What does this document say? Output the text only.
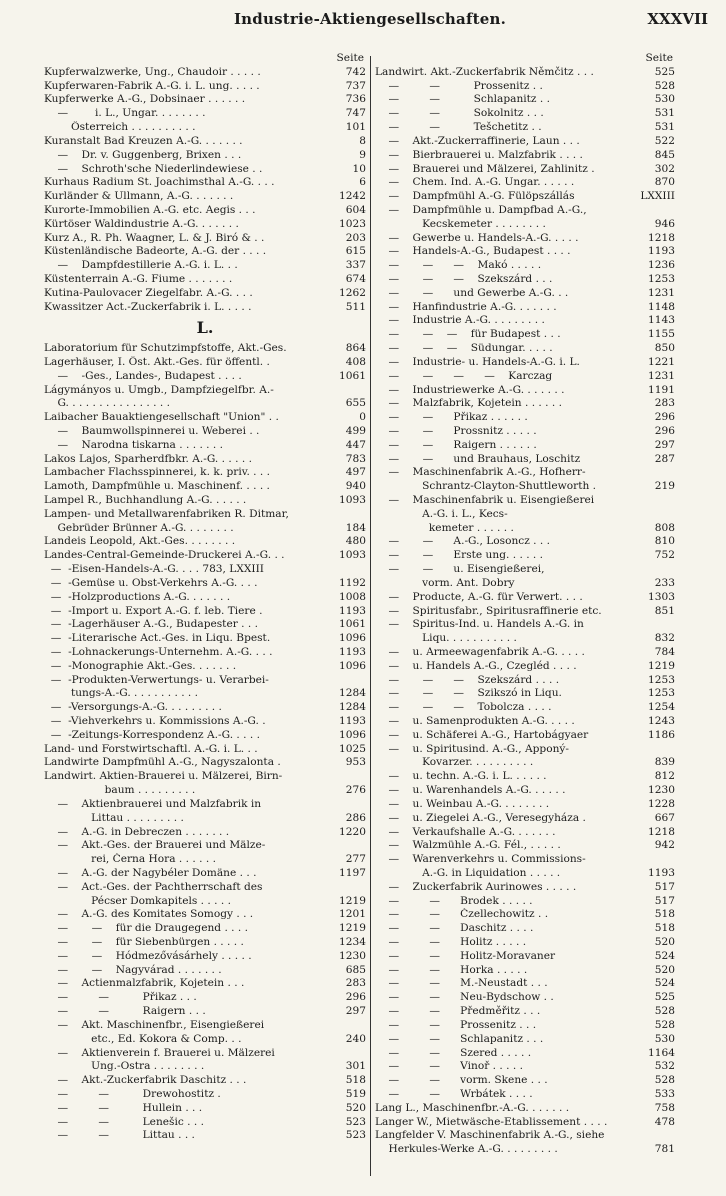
Industrie-Aktiengesellschaften.	XXXVII
Seite
Kupferwalzwerke, Ung., Chaudoir . . . . .	742
Kupferwaren-Fabrik A.-G. i. L. ung. . . . .	737
Kupferwerke A.-G., Dobsinaer . . . . . .	736
—        i. L., Ungar. . . . . . . .	747
Österreich . . . . . . . . . .	101
Kuranstalt Bad Kreuzen A.-G. . . . . . .	8
—    Dr. v. Guggenberg, Brixen . . .	9
—    Schroth'sche Niederlindewiese . .	10
Kurhaus Radium St. Joachimsthal A.-G. . . .	6
Kurländer & Ullmann, A.-G. . . . . . .	1242
Kurorte-Immobilien A.-G. etc. Aegis . . .	604
Kürtöser Waldindustrie A.-G. . . . . . .	1023
Kurz A., R. Ph. Waagner, L. & J. Biró & . .	203
Küstenländische Badeorte, A.-G. der . . . .	615
—    Dampfdestillerie A.-G. i. L. . .	337
Küstenterrain A.-G. Fiume . . . . . . .	674
Kutina-Paulovacer Ziegelfabr. A.-G. . . .	1262
Kwassitzer Act.-Zuckerfabrik i. L. . . . .	511
L.
Laboratorium für Schutzimpfstoffe, Akt.-Ges.	864
Lagerhäuser, I. Öst. Akt.-Ges. für öffentl. .	408
—    -Ges., Landes-, Budapest . . . .	1061
Lágymányos u. Umgb., Dampfziegelfbr. A.-
G. . . . . . . . . . . . . . . .	655
Laibacher Bauaktiengesellschaft "Union" . .	0
—    Baumwollspinnerei u. Weberei . .	499
—    Narodna tiskarna . . . . . . .	447
Lakos Lajos, Sparherdfbkr. A.-G. . . . . .	783
Lambacher Flachsspinnerei, k. k. priv. . . .	497
Lamoth, Dampfmühle u. Maschinenf. . . . .	940
Lampel R., Buchhandlung A.-G. . . . . .	1093
Lampen- und Metallwarenfabriken R. Ditmar,
Gebrüder Brünner A.-G. . . . . . . .	184
Landeis Leopold, Akt.-Ges. . . . . . . .	480
Landes-Central-Gemeinde-Druckerei A.-G. . .	1093
—  -Eisen-Handels-A.-G. . . . 783, LXXIII
—  -Gemüse u. Obst-Verkehrs A.-G. . . .	1192
—  -Holzproductions A.-G. . . . . . .	1008
—  -Import u. Export A.-G. f. leb. Tiere .	1193
—  -Lagerhäuser A.-G., Budapester . . .	1061
—  -Literarische Act.-Ges. in Liqu. Bpest.	1096
—  -Lohnackerungs-Unternehm. A.-G. . . .	1193
—  -Monographie Akt.-Ges. . . . . . .	1096
—  -Produkten-Verwertungs- u. Verarbei-
tungs-A.-G. . . . . . . . . . .	1284
—  -Versorgungs-A.-G. . . . . . . . .	1284
—  -Viehverkehrs u. Kommissions A.-G. .	1193
—  -Zeitungs-Korrespondenz A.-G. . . . .	1096
Land- und Forstwirtschaftl. A.-G. i. L. . .	1025
Landwirte Dampfmühl A.-G., Nagyszalonta .	953
Landwirt. Aktien-Brauerei u. Mälzerei, Birn-
baum . . . . . . . . .	276
—    Aktienbrauerei und Malzfabrik in
Littau . . . . . . . . .	286
—    A.-G. in Debreczen . . . . . . .	1220
—    Akt.-Ges. der Brauerei und Mälze-
rei, Černa Hora . . . . . .	277
—    A.-G. der Nagybéler Domäne . . .	1197
—    Act.-Ges. der Pachtherrschaft des
Pécser Domkapitels . . . . .	1219
—    A.-G. des Komitates Somogy . . .	1201
—       —    für die Draugegend . . . .	1219
—       —    für Siebenbürgen . . . . .	1234
—       —    Hódmezővásárhely . . . . .	1230
—       —    Nagyvárad . . . . . . .	685
—    Actienmalzfabrik, Kojetein . . .	283
—         —          Přikaz . . .	296
—         —          Raigern . . .	297
—    Akt. Maschinenfbr., Eisengießerei
etc., Ed. Kokora & Comp. . .	240
—    Aktienverein f. Brauerei u. Mälzerei
Ung.-Ostra . . . . . . . .	301
—    Akt.-Zuckerfabrik Daschitz . . .	518
—         —          Drewohostitz .	519
—         —          Hullein . . .	520
—         —          Lenešic . . .	523
—         —          Littau . . .	523
Seite
Landwirt. Akt.-Zuckerfabrik Němčitz . . .	525
—         —          Prossenitz . .	528
—         —          Schlapanitz . .	530
—         —          Sokolnitz . . .	531
—         —          Tešchetitz . .	531
—    Akt.-Zuckerraffinerie, Laun . . .	522
—    Bierbrauerei u. Malzfabrik . . . .	845
—    Brauerei und Mälzerei, Zahlinitz .	302
—    Chem. Ind. A.-G. Ungar. . . . . .	870
—    Dampfmühl A.-G. Fülöpszállás	LXXIII
—    Dampfmühle u. Dampfbad A.-G.,
Kecskemeter . . . . . . . .	946
—    Gewerbe u. Handels-A.-G. . . . .	1218
—    Handels-A.-G., Budapest . . . .	1193
—       —      —    Makó . . . . .	1236
—       —      —    Szekszárd . . .	1253
—       —      und Gewerbe A.-G. . .	1231
—    Hanfindustrie A.-G. . . . . . .	1148
—    Industrie A.-G. . . . . . . . .	1143
—       —    —    für Budapest . . .	1155
—       —    —    Südungar. . . . .	850
—    Industrie- u. Handels-A.-G. i. L.	1221
—       —      —      —    Karczag	1231
—    Industriewerke A.-G. . . . . . .	1191
—    Malzfabrik, Kojetein . . . . . .	283
—       —      Přikaz . . . . . .	296
—       —      Prossnitz . . . . .	296
—       —      Raigern . . . . . .	297
—       —      und Brauhaus, Loschitz	287
—    Maschinenfabrik A.-G., Hofherr-
Schrantz-Clayton-Shuttleworth .	219
—    Maschinenfabrik u. Eisengießerei
A.-G. i. L., Kecs-
kemeter . . . . . .	808
—       —      A.-G., Losoncz . . .	810
—       —      Erste ung. . . . . .	752
—       —      u. Eisengießerei,
vorm. Ant. Dobry	233
—    Producte, A.-G. für Verwert. . . .	1303
—    Spiritusfabr., Spiritusraffinerie etc.	851
—    Spiritus-Ind. u. Handels A.-G. in
Liqu. . . . . . . . . . .	832
—    u. Armeewagenfabrik A.-G. . . . .	784
—    u. Handels A.-G., Czegléd . . . .	1219
—       —      —    Szekszárd . . . .	1253
—       —      —    Szikszó in Liqu.	1253
—       —      —    Tobolcza . . . .	1254
—    u. Samenprodukten A.-G. . . . .	1243
—    u. Schäferei A.-G., Hartobágyaer	1186
—    u. Spiritusind. A.-G., Apponý-
Kovarzer. . . . . . . . . .	839
—    u. techn. A.-G. i. L. . . . . .	812
—    u. Warenhandels A.-G. . . . . .	1230
—    u. Weinbau A.-G. . . . . . . .	1228
—    u. Ziegelei A.-G., Veresegyháza .	667
—    Verkaufshalle A.-G. . . . . . .	1218
—    Walzmühle A.-G. Fél., . . . . .	942
—    Warenverkehrs u. Commissions-
A.-G. in Liquidation . . . . .	1193
—    Zuckerfabrik Aurinowes . . . . .	517
—         —      Brodek . . . . .	517
—         —      Čzellechowitz . .	518
—         —      Daschitz . . . .	518
—         —      Holitz . . . . .	520
—         —      Holitz-Moravaner	524
—         —      Horka . . . . .	520
—         —      M.-Neustadt . . .	524
—         —      Neu-Bydschow . .	525
—         —      Předměřitz . . .	528
—         —      Prossenitz . . .	528
—         —      Schlapanitz . . .	530
—         —      Szered . . . . .	1164
—         —      Vinoř . . . . .	532
—         —      vorm. Skene . . .	528
—         —      Wrbátek . . . .	533
Lang L., Maschinenfbr.-A.-G. . . . . . .	758
Langer W., Mietwäsche-Etablissement . . . .	478
Langfelder V. Maschinenfabrik A.-G., siehe
Herkules-Werke A.-G. . . . . . . . .	781
